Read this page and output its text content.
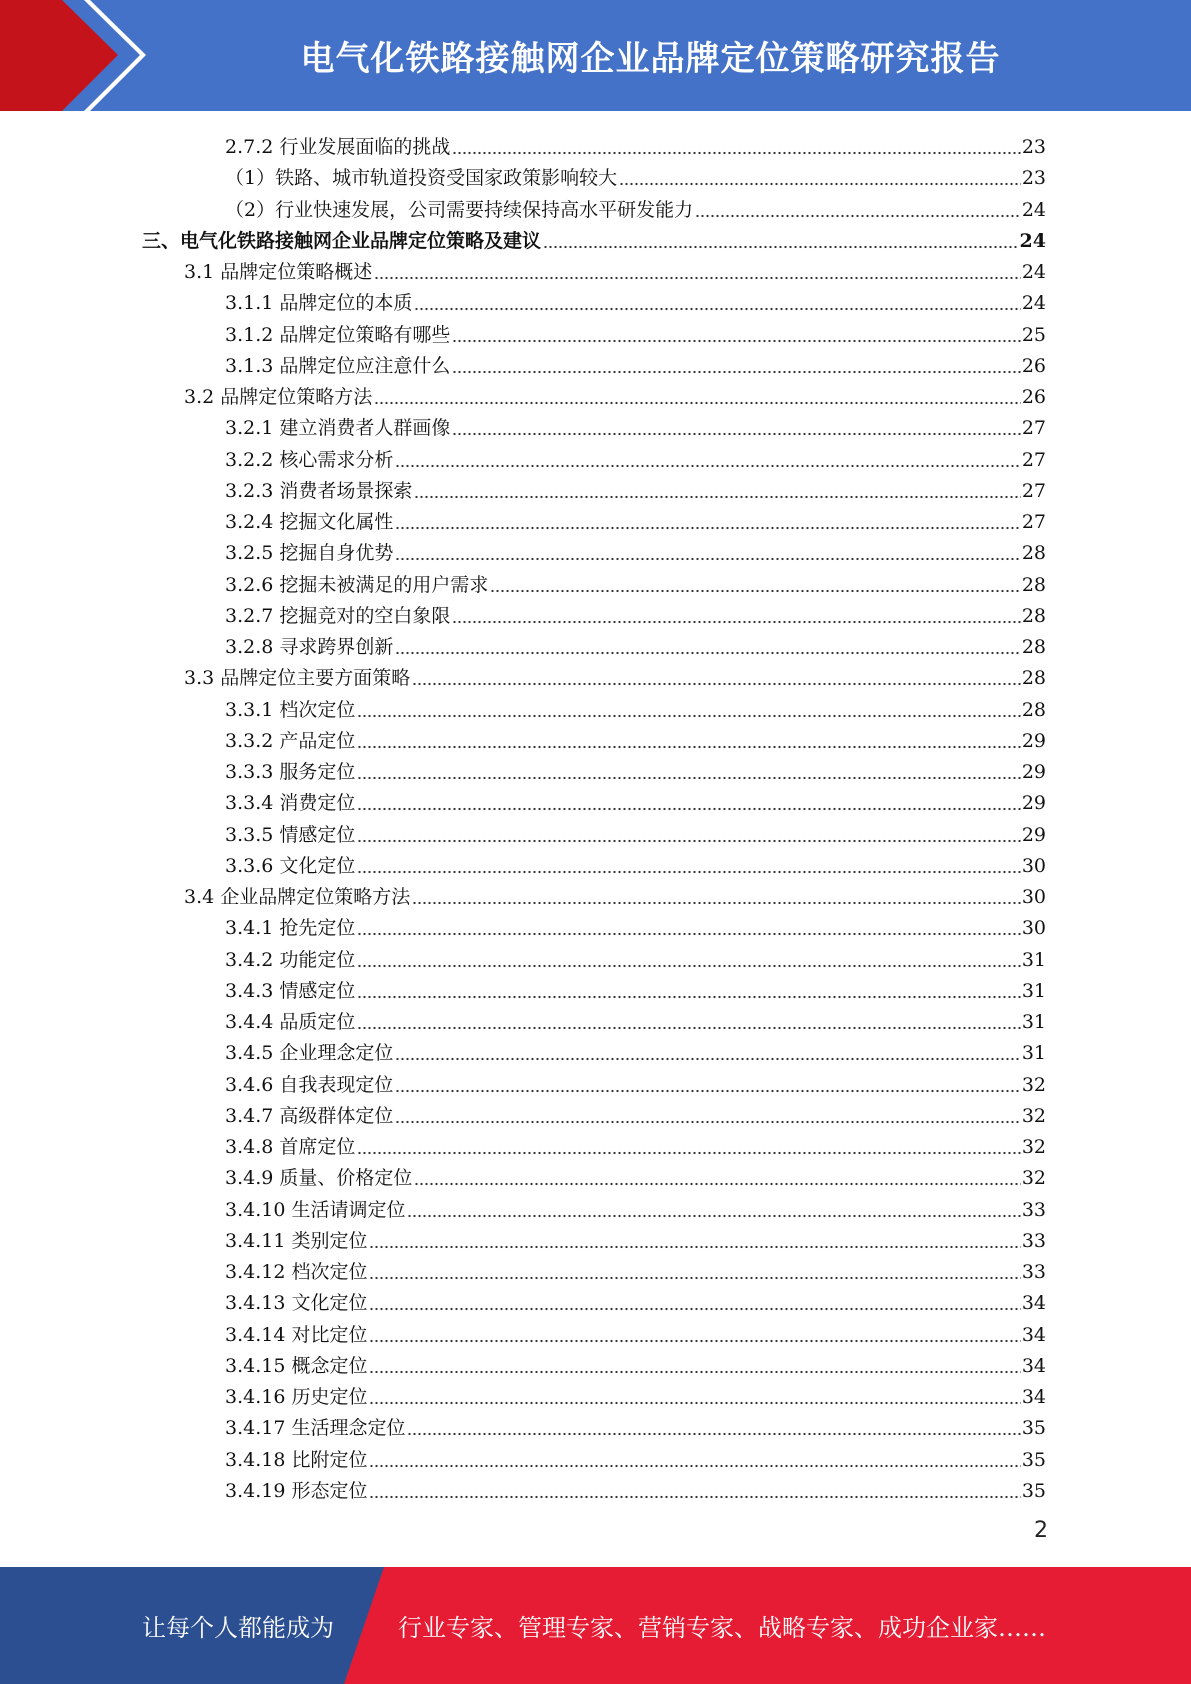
电气化铁路接触网企业品牌定位策略研究报告
2.7.2 行业发展面临的挑战	23
（1）铁路、城市轨道投资受国家政策影响较大	23
（2）行业快速发展，公司需要持续保持高水平研发能力	24
三、电气化铁路接触网企业品牌定位策略及建议	24
3.1 品牌定位策略概述	24
3.1.1 品牌定位的本质	24
3.1.2 品牌定位策略有哪些	25
3.1.3 品牌定位应注意什么	26
3.2 品牌定位策略方法	26
3.2.1 建立消费者人群画像	27
3.2.2 核心需求分析	27
3.2.3 消费者场景探索	27
3.2.4 挖掘文化属性	27
3.2.5 挖掘自身优势	28
3.2.6 挖掘未被满足的用户需求	28
3.2.7 挖掘竞对的空白象限	28
3.2.8 寻求跨界创新	28
3.3 品牌定位主要方面策略	28
3.3.1 档次定位	28
3.3.2 产品定位	29
3.3.3 服务定位	29
3.3.4 消费定位	29
3.3.5 情感定位	29
3.3.6 文化定位	30
3.4 企业品牌定位策略方法	30
3.4.1 抢先定位	30
3.4.2 功能定位	31
3.4.3 情感定位	31
3.4.4 品质定位	31
3.4.5 企业理念定位	31
3.4.6 自我表现定位	32
3.4.7 高级群体定位	32
3.4.8 首席定位	32
3.4.9 质量、价格定位	32
3.4.10 生活请调定位	33
3.4.11 类别定位	33
3.4.12 档次定位	33
3.4.13 文化定位	34
3.4.14 对比定位	34
3.4.15 概念定位	34
3.4.16 历史定位	34
3.4.17 生活理念定位	35
3.4.18 比附定位	35
3.4.19 形态定位	35
2
让每个人都能成为	行业专家、管理专家、营销专家、战略专家、成功企业家……
